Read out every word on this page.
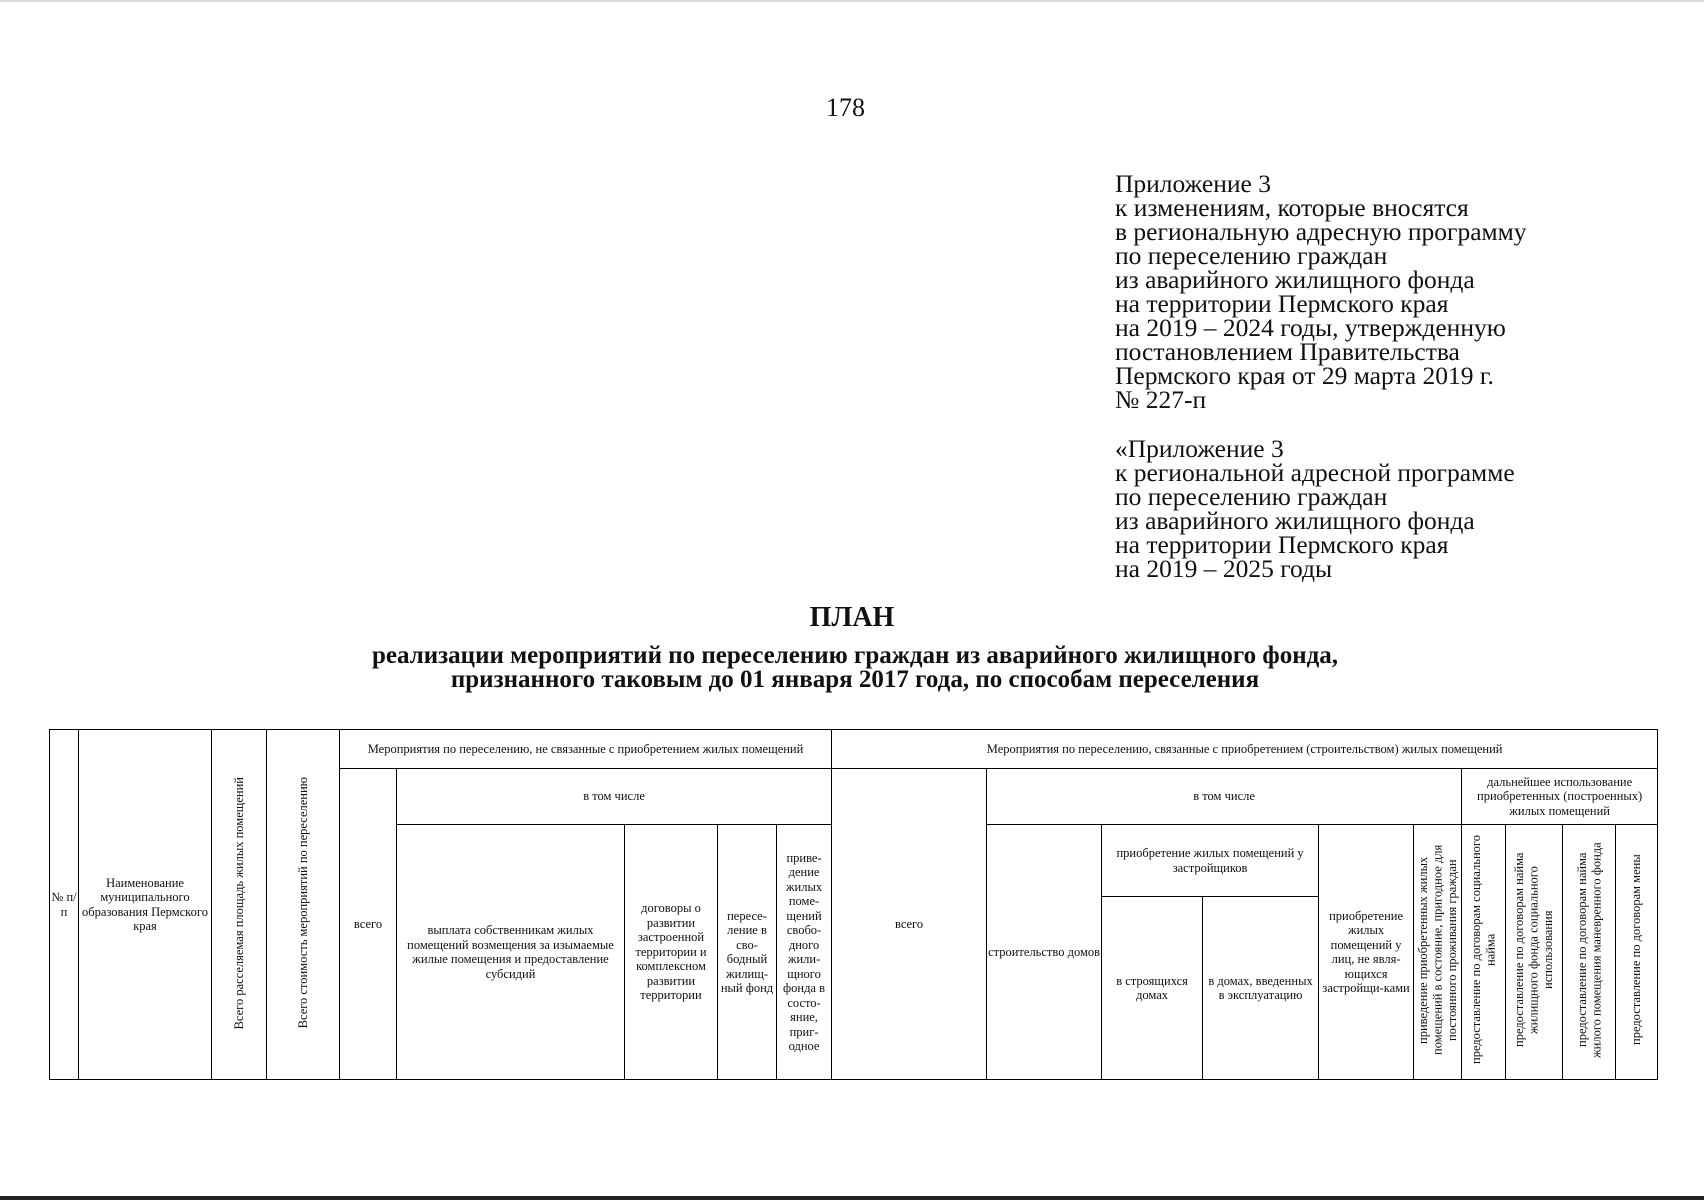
178
Приложение 3
к изменениям, которые вносятся
в региональную адресную программу
по переселению граждан
из аварийного жилищного фонда
на территории Пермского края
на 2019 – 2024 годы, утвержденную
постановлением Правительства
Пермского края от 29 марта 2019 г.
№ 227-п
«Приложение 3
к региональной адресной программе
по переселению граждан
из аварийного жилищного фонда
на территории Пермского края
на 2019 – 2025 годы
ПЛАН
реализации мероприятий по переселению граждан из аварийного жилищного фонда,
признанного таковым до 01 января 2017 года, по способам переселения
№ п/п	Наименование муниципального образования Пермского края	Всего расселяемая площадь жилых помещений	Всего стоимость мероприятий по переселению	Мероприятия по переселению, не связанные с приобретением жилых помещений					Мероприятия по переселению, связанные с приобретением (строительством) жилых помещений									
				всего	в том числе				всего	в том числе					дальнейшее использование приобретенных (построенных) жилых помещений			
					выплата собственникам жилых помещений возмещения за изымаемые жилые помещения и предоставление субсидий	договоры о развитии застроенной территории и комплексном развитии территории	пересе-ление в сво-бодный жилищ-ный фонд	приве-дение жилых поме-щений свобо-дного жили-щного фонда в состо-яние, приг-одное		строительство домов	приобретение жилых помещений у застройщиков		приобретение жилых помещений у лиц, не явля-ющихся застройщи-ками	приведение приобретенных жилых помещений в состояние, пригодное для постоянного проживания граждан	предоставление по договорам социального найма	предоставление по договорам найма жилищного фонда социального использования	предоставление по договорам найма жилого помещения маневренного фонда	предоставление по договорам мены
											в строящихся домах	в домах, введенных в эксплуатацию						
